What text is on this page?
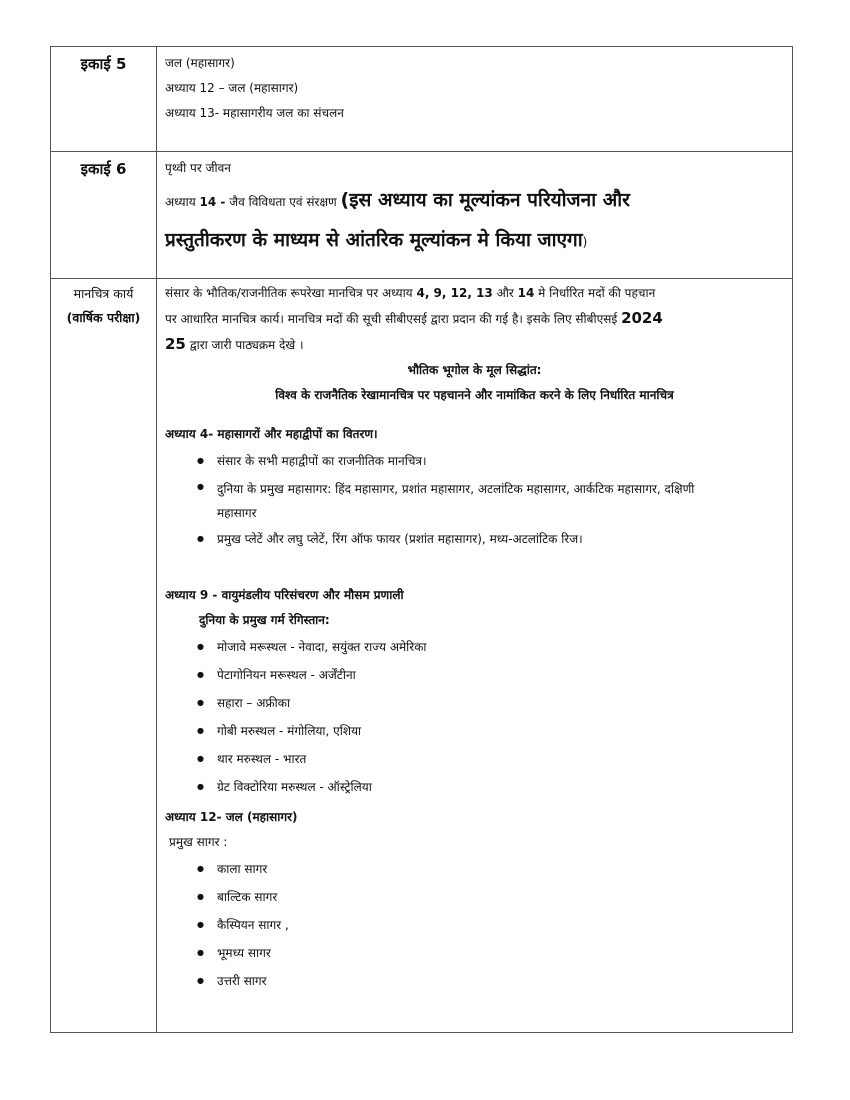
इकाई 5	जल (महासागर)

अध्याय 12 – जल (महासागर)

अध्याय 13- महासागरीय जल का संचलन

इकाई 6	पृथ्वी पर जीवन

अध्याय 14 - जैव विविधता एवं संरक्षण (इस अध्याय का मूल्यांकन परियोजना और

प्रस्तुतीकरण के माध्यम से आंतरिक मूल्यांकन मे किया जाएगा)

मानचित्र कार्य
(वार्षिक परीक्षा)

संसार के भौतिक/राजनीतिक रूपरेखा मानचित्र पर अध्याय 4, 9, 12, 13 और 14 मे निर्धारित मदों की पहचान

पर आधारित मानचित्र कार्य। मानचित्र मदों की सूची सीबीएसई द्वारा प्रदान की गई है। इसके लिए सीबीएसई 2024

25 द्वारा जारी पाठ्यक्रम देखे ।

भौतिक भूगोल के मूल सिद्धांत:

विश्व के राजनैतिक रेखामानचित्र पर पहचानने और नामांकित करने के लिए निर्धारित मानचित्र

अध्याय 4- महासागरों और महाद्वीपों का वितरण।

● संसार के सभी महाद्वीपों का राजनीतिक मानचित्र।
● दुनिया के प्रमुख महासागर: हिंद महासागर, प्रशांत महासागर, अटलांटिक महासागर, आर्कटिक महासागर, दक्षिणी महासागर
● प्रमुख प्लेटें और लघु प्लेटें, रिंग ऑफ फायर (प्रशांत महासागर), मध्य-अटलांटिक रिज।

अध्याय 9 - वायुमंडलीय परिसंचरण और मौसम प्रणाली

दुनिया के प्रमुख गर्म रेगिस्तान:

● मोजावे मरूस्थल - नेवादा, सयुंक्त राज्य अमेरिका
● पेटागोनियन मरूस्थल - अर्जेंटीना
● सहारा – अफ्रीका
● गोबी मरुस्थल - मंगोलिया, एशिया
● थार मरुस्थल - भारत
● ग्रेट विक्टोरिया मरुस्थल - ऑस्ट्रेलिया

अध्याय 12- जल (महासागर)

प्रमुख सागर :

● काला सागर
● बाल्टिक सागर
● कैस्पियन सागर ,
● भूमध्य सागर
● उत्तरी सागर
